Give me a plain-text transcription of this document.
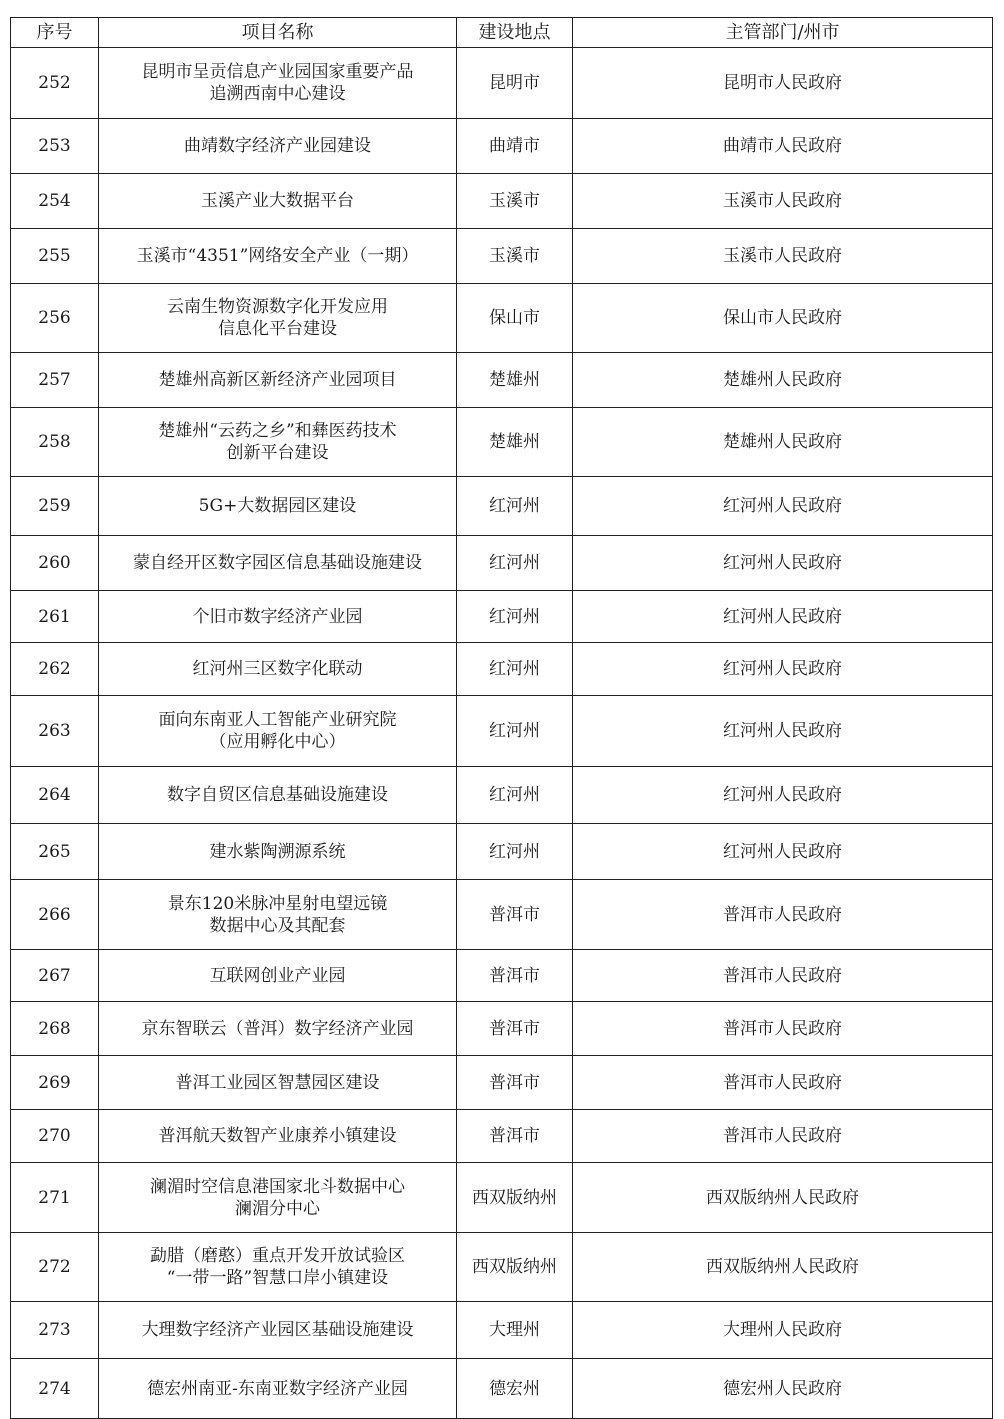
序号	项目名称	建设地点	主管部门/州市
252	昆明市呈贡信息产业园国家重要产品
追溯西南中心建设	昆明市	昆明市人民政府
253	曲靖数字经济产业园建设	曲靖市	曲靖市人民政府
254	玉溪产业大数据平台	玉溪市	玉溪市人民政府
255	玉溪市“4351”网络安全产业（一期）	玉溪市	玉溪市人民政府
256	云南生物资源数字化开发应用
信息化平台建设	保山市	保山市人民政府
257	楚雄州高新区新经济产业园项目	楚雄州	楚雄州人民政府
258	楚雄州“云药之乡”和彝医药技术
创新平台建设	楚雄州	楚雄州人民政府
259	5G+大数据园区建设	红河州	红河州人民政府
260	蒙自经开区数字园区信息基础设施建设	红河州	红河州人民政府
261	个旧市数字经济产业园	红河州	红河州人民政府
262	红河州三区数字化联动	红河州	红河州人民政府
263	面向东南亚人工智能产业研究院
（应用孵化中心）	红河州	红河州人民政府
264	数字自贸区信息基础设施建设	红河州	红河州人民政府
265	建水紫陶溯源系统	红河州	红河州人民政府
266	景东120米脉冲星射电望远镜
数据中心及其配套	普洱市	普洱市人民政府
267	互联网创业产业园	普洱市	普洱市人民政府
268	京东智联云（普洱）数字经济产业园	普洱市	普洱市人民政府
269	普洱工业园区智慧园区建设	普洱市	普洱市人民政府
270	普洱航天数智产业康养小镇建设	普洱市	普洱市人民政府
271	澜湄时空信息港国家北斗数据中心
澜湄分中心	西双版纳州	西双版纳州人民政府
272	勐腊（磨憨）重点开发开放试验区
“一带一路”智慧口岸小镇建设	西双版纳州	西双版纳州人民政府
273	大理数字经济产业园区基础设施建设	大理州	大理州人民政府
274	德宏州南亚-东南亚数字经济产业园	德宏州	德宏州人民政府
